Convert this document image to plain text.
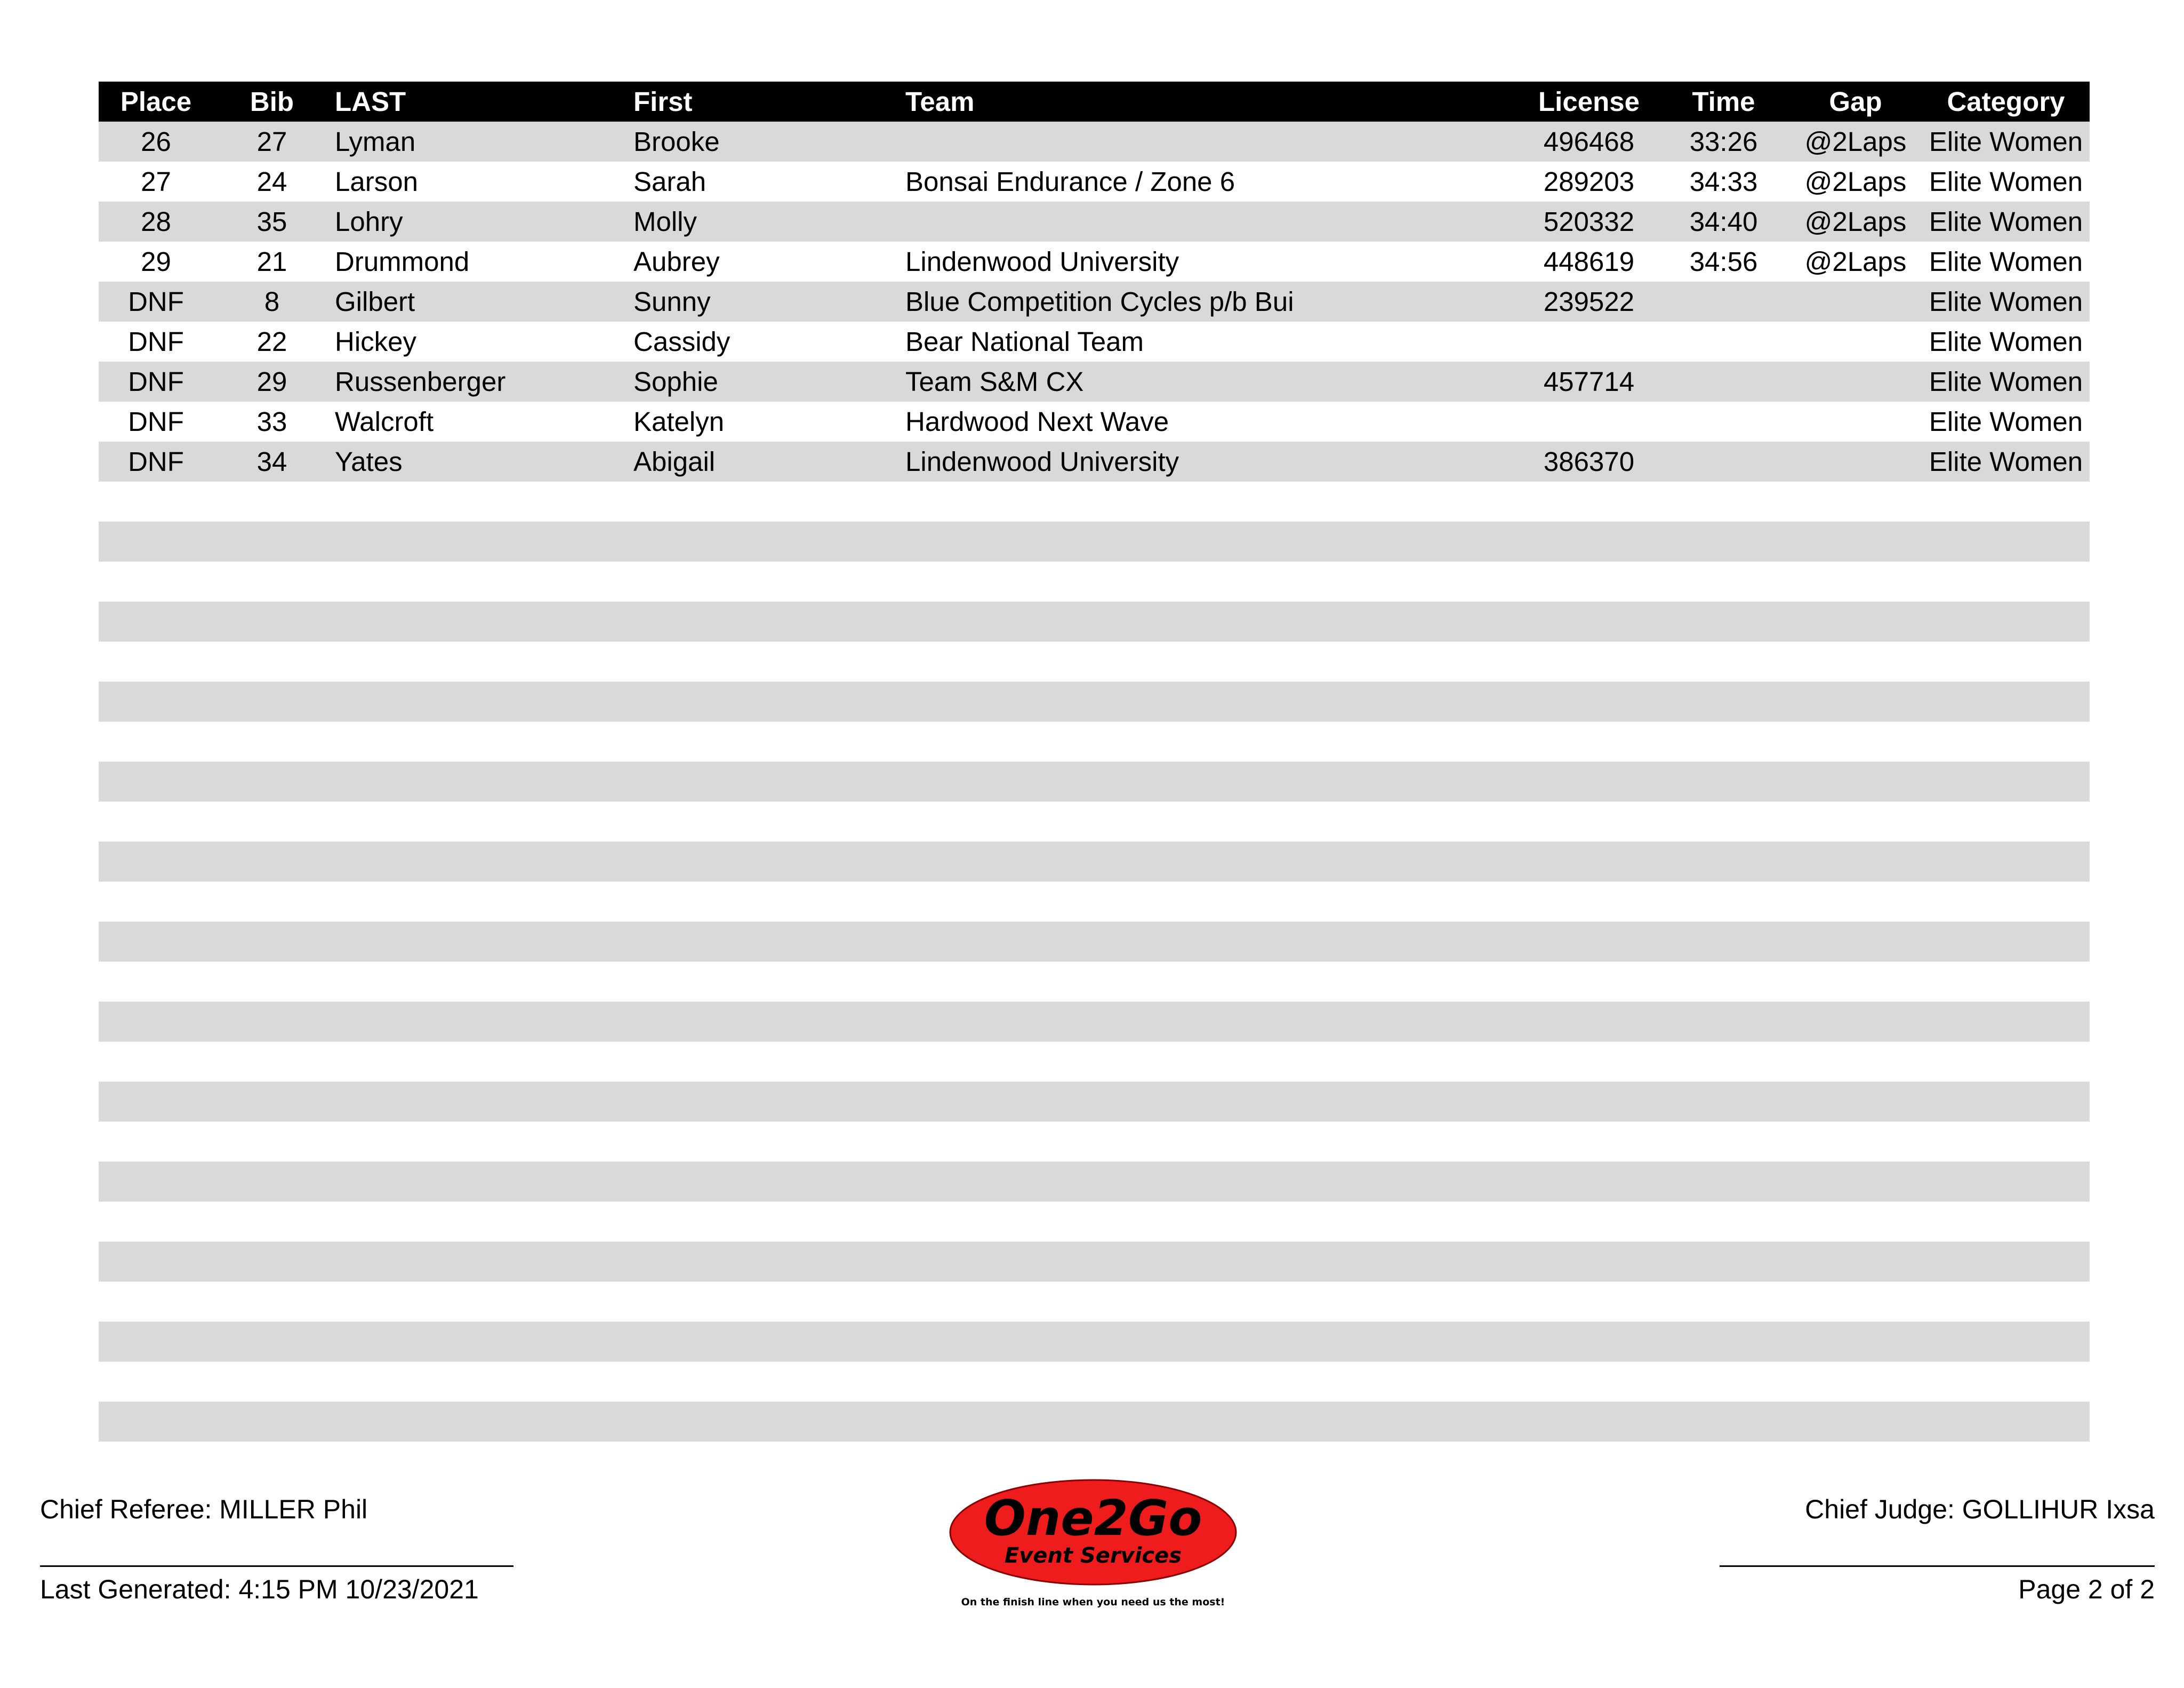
Place	Bib	LAST	First	Team	License	Time	Gap	Category
26	27	Lyman	Brooke		496468	33:26	@2Laps	Elite Women
27	24	Larson	Sarah	Bonsai Endurance / Zone 6	289203	34:33	@2Laps	Elite Women
28	35	Lohry	Molly		520332	34:40	@2Laps	Elite Women
29	21	Drummond	Aubrey	Lindenwood University	448619	34:56	@2Laps	Elite Women
DNF	8	Gilbert	Sunny	Blue Competition Cycles p/b Bui	239522			Elite Women
DNF	22	Hickey	Cassidy	Bear National Team				Elite Women
DNF	29	Russenberger	Sophie	Team S&M CX	457714			Elite Women
DNF	33	Walcroft	Katelyn	Hardwood Next Wave				Elite Women
DNF	34	Yates	Abigail	Lindenwood University	386370			Elite Women

Chief Referee: MILLER Phil
Last Generated: 4:15 PM 10/23/2021
Chief Judge: GOLLIHUR Ixsa
Page 2 of 2
One2Go
Event Services
On the finish line when you need us the most!
